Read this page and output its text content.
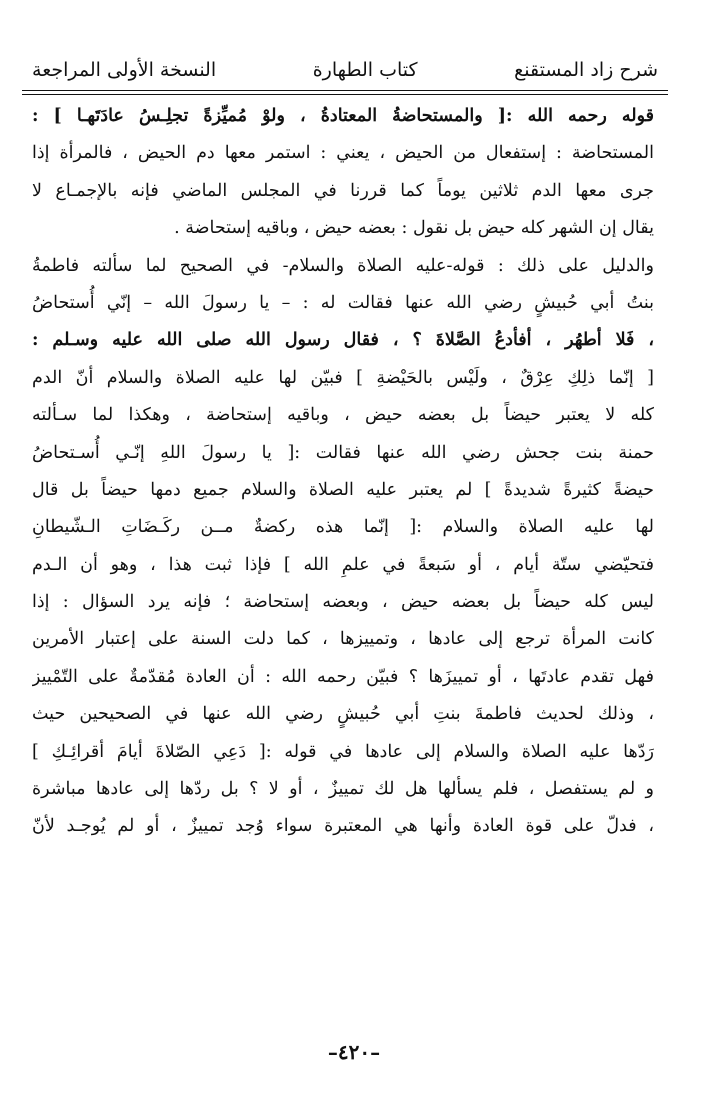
شرح زاد المستقنع
كتاب الطهارة
النسخة الأولى المراجعة
قوله رحمه الله :[ والمستحاضةُ المعتادةُ ، ولوْ مُميِّزةً تجلِـسُ عادَتَهـا ] :
المستحاضة : إستفعال من الحيض ، يعني : استمر معها دم الحيض ، فالمرأة إذا
جرى معها الدم ثلاثين يوماً كما قررنا في المجلس الماضي فإنه بالإجمـاع لا
يقال إن الشهر كله حيض بل نقول : بعضه حيض ، وباقيه إستحاضة .
والدليل على ذلك : قوله-عليه الصلاة والسلام- في الصحيح لما سألته فاطمةُ
بنتُ أبي حُبيشٍ رضي الله عنها فقالت له : – يا رسولَ الله – إنّي أُستحاضُ
، فَلا أطهُر ، أفأدعُ الصَّلاةَ ؟ ، فقال رسول الله صلى الله عليه وسـلم :
[ إنّما ذلِكِ عِرْقٌ ، ولَيْس بالحَيْضةِ ] فبيّن لها عليه الصلاة والسلام أنّ الدم
كله لا يعتبر حيضاً بل بعضه حيض ، وباقيه إستحاضة ، وهكذا لما سـألته
حمنة بنت جحش رضي الله عنها فقالت :[ يا رسولَ اللهِ إنّـي أُسـتحاضُ
حيضةً كثيرةً شديدةً ] لم يعتبر عليه الصلاة والسلام جميع دمها حيضاً بل قال
لها عليه الصلاة والسلام :[ إنّما هذه ركضةٌ مــن ركَـضَاتِ الـشّيطانِ
فتحيّضي ستّة أيام ، أو سَبعةً في علمِ الله ] فإذا ثبت هذا ، وهو أن الـدم
ليس كله حيضاً بل بعضه حيض ، وبعضه إستحاضة ؛ فإنه يرد السؤال : إذا
كانت المرأة ترجع إلى عادها ، وتمييزها ، كما دلت السنة على إعتبار الأمرين
فهل تقدم عادتَها ، أو تمييزَها ؟ فبيّن رحمه الله : أن العادة مُقدّمةٌ على التّمْييز
، وذلك لحديث فاطمةَ بنتِ أبي حُبيشٍ رضي الله عنها في الصحيحين حيث
رَدّها عليه الصلاة والسلام إلى عادها في قوله :[ دَعِي الصّلاةَ أيامَ أقرائِـكِ ]
و لم يستفصل ، فلم يسألها هل لك تمييزٌ ، أو لا ؟ بل ردّها إلى عادها مباشرة
، فدلّ على قوة العادة وأنها هي المعتبرة سواء وُجد تمييزٌ ، أو لم يُوجـد لأنّ
–٤٢٠–
